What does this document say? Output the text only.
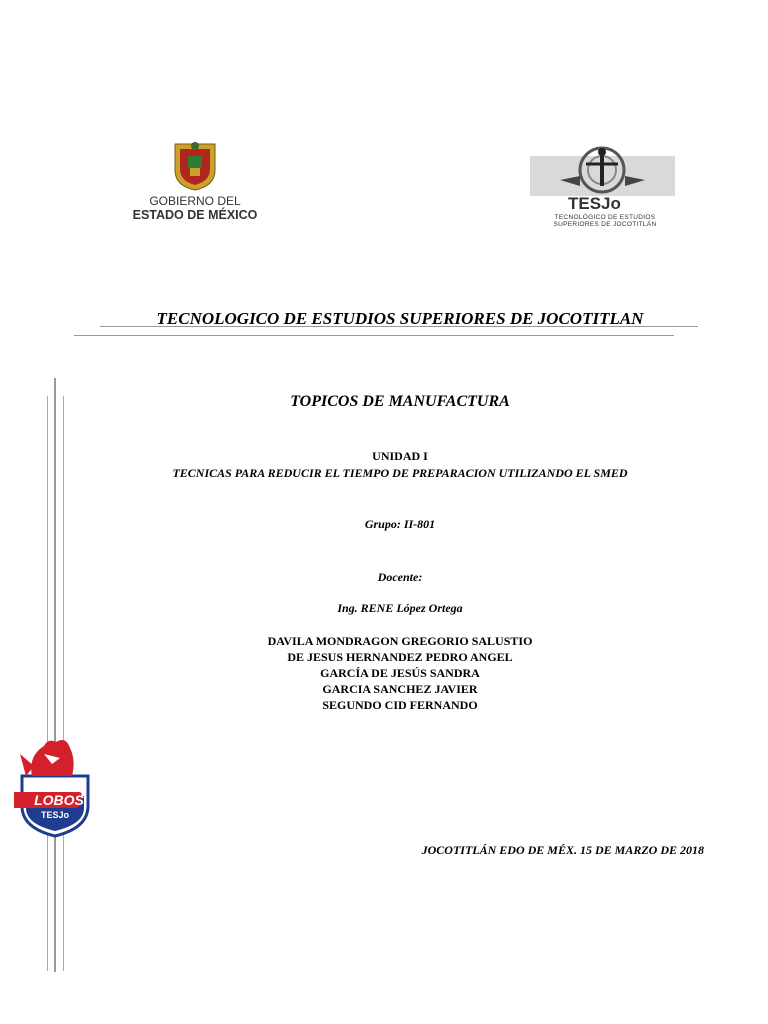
GOBIERNO DEL
ESTADO DE MÉXICO
TESJo
TECNOLÓGICO DE ESTUDIOS
SUPERIORES DE JOCOTITLÁN
TECNOLOGICO DE ESTUDIOS SUPERIORES DE JOCOTITLAN
TOPICOS DE MANUFACTURA
UNIDAD I
TECNICAS PARA REDUCIR EL TIEMPO DE PREPARACION UTILIZANDO EL SMED
Grupo: II-801
Docente:
Ing. RENE López Ortega
DAVILA MONDRAGON GREGORIO SALUSTIO
DE JESUS HERNANDEZ PEDRO ANGEL
GARCÍA DE JESÚS SANDRA
GARCIA SANCHEZ JAVIER
SEGUNDO CID FERNANDO
JOCOTITLÁN EDO DE MÉX. 15 DE MARZO DE 2018
LOBOS
TESJo
